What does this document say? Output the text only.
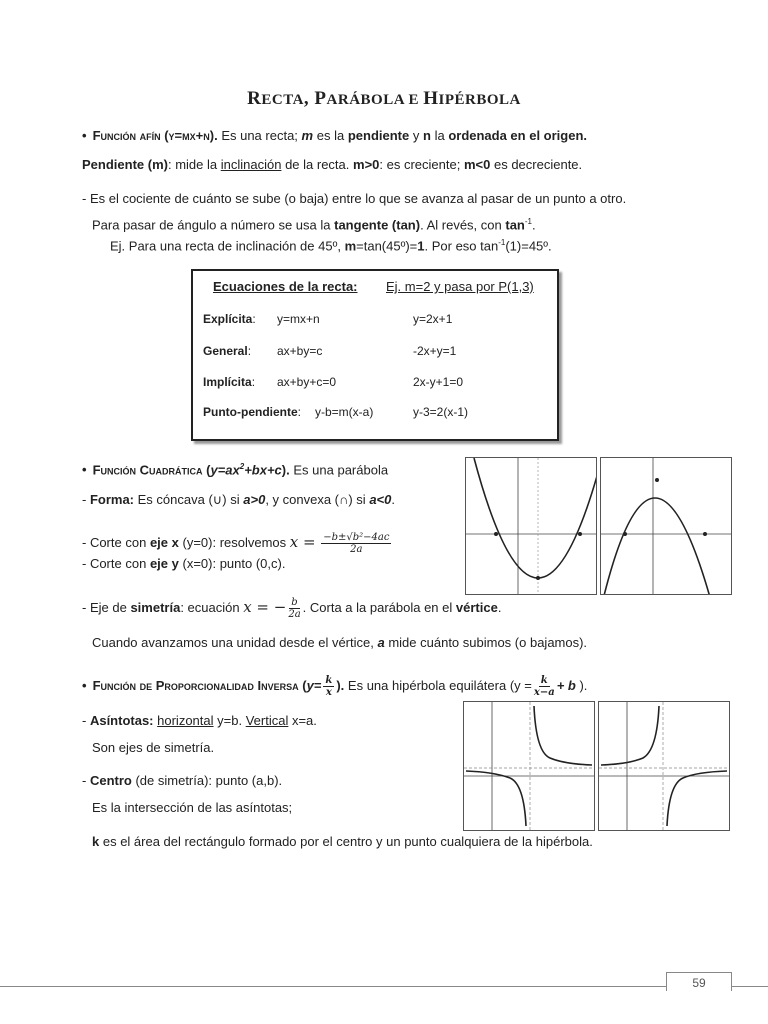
RECTA, PARÁBOLA E HIPÉRBOLA
• Función afín (y=mx+n). Es una recta; m es la pendiente y n la ordenada en el origen.
Pendiente (m): mide la inclinación de la recta. m>0: es creciente; m<0 es decreciente.
- Es el cociente de cuánto se sube (o baja) entre lo que se avanza al pasar de un punto a otro.
Para pasar de ángulo a número se usa la tangente (tan). Al revés, con $\tan^{-1}$.
Ej. Para una recta de inclinación de 45º, m=tan(45º)=1. Por eso $\tan^{-1}(1)=45º$.
Ecuaciones de la recta: Ej. m=2 y pasa por P(1,3)
Explícita: y=mx+n	y=2x+1
General: ax+by=c	-2x+y=1
Implícita: ax+by+c=0	2x-y+1=0
Punto-pendiente: y-b=m(x-a)	y-3=2(x-1)
• Función Cuadrática $(y=ax^2+bx+c)$. Es una parábola
- Forma: Es cóncava (∪) si a>0, y convexa (∩) si a<0.
- Corte con eje x (y=0): resolvemos $x = \frac{\text{−b±√b²−4ac}}{2a}$
- Corte con eje y (x=0): punto (0,c).
- Eje de simetría: ecuación x = − $\frac{b}{2a}$ . Corta a la parábola en el vértice.
Cuando avanzamos una unidad desde el vértice, a mide cuánto subimos (o bajamos).
• Función de Proporcionalidad Inversa ($y= \frac{k}{x}$ ). Es una hipérbola equilátera ($y = \frac{k}{x-a} + b$ ).
- Asíntotas: horizontal y=b. Vertical x=a.
Son ejes de simetría.
- Centro (de simetría): punto (a,b).
Es la intersección de las asíntotas;
k es el área del rectángulo formado por el centro y un punto cualquiera de la hipérbola.
59
